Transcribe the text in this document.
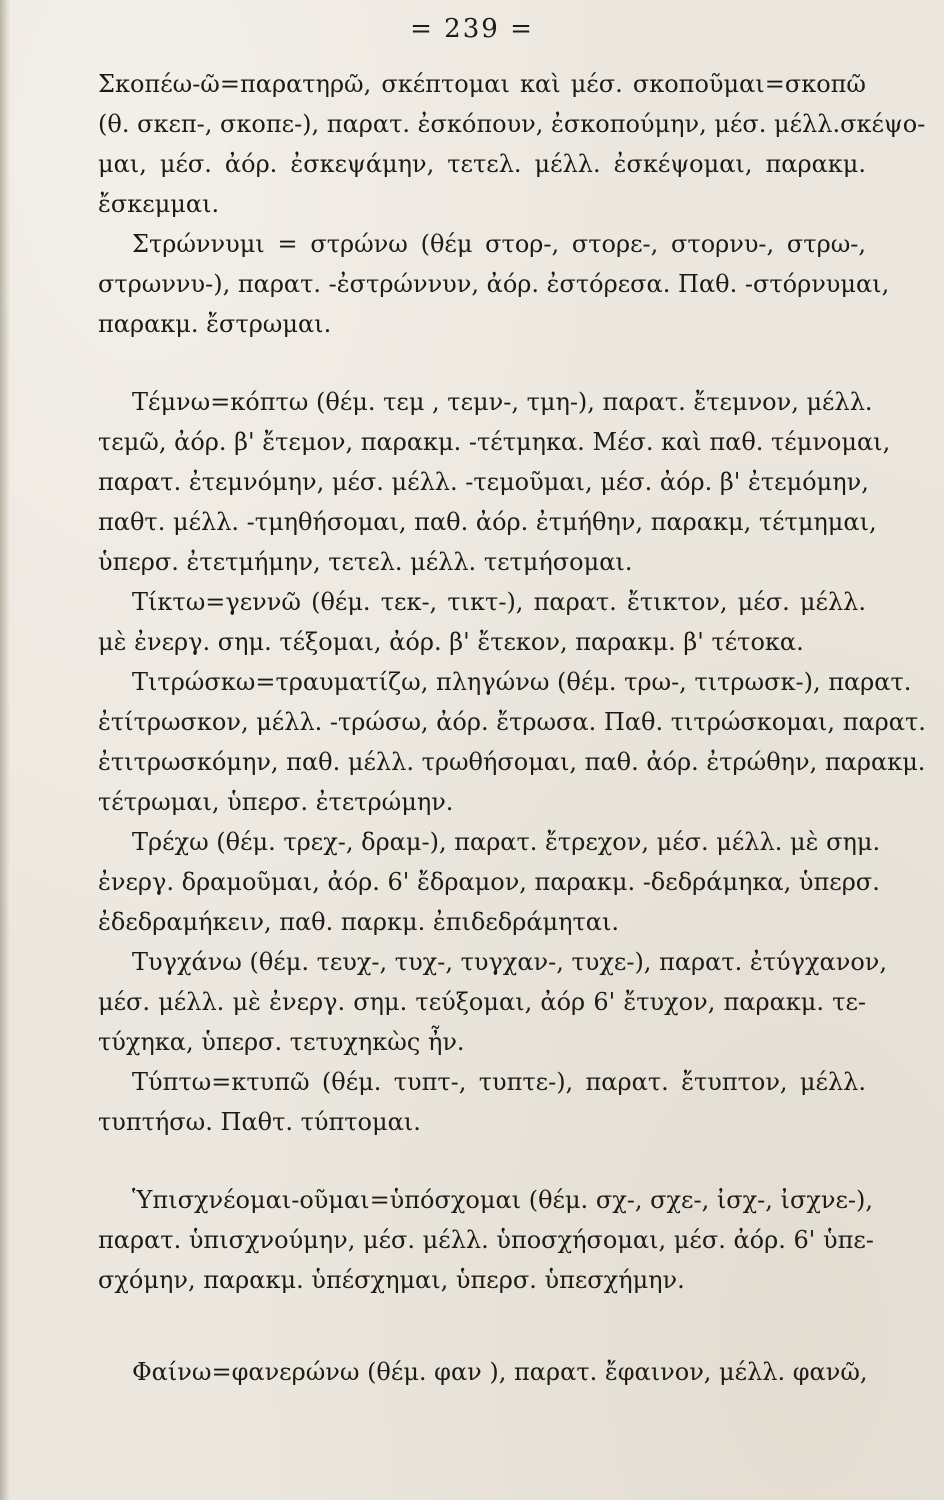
= 239 =
Σκοπέω-ῶ=παρατηρῶ, σκέπτομαι καὶ μέσ. σκοποῦμαι=σκοπῶ
(θ. σκεπ-, σκοπε-), παρατ. ἐσκόπουν, ἐσκοπούμην, μέσ. μέλλ.σκέψο-
μαι, μέσ. ἀόρ. ἐσκεψάμην, τετελ. μέλλ. ἐσκέψομαι, παρακμ.
ἔσκεμμαι.
Στρώννυμι = στρώνω (θέμ στορ-, στορε-, στορνυ-, στρω-,
στρωννυ-), παρατ. -ἐστρώννυν, ἀόρ. ἐστόρεσα. Παθ. -στόρνυμαι,
παρακμ. ἔστρωμαι.
Τέμνω=κόπτω (θέμ. τεμ , τεμν-, τμη-), παρατ. ἔτεμνον, μέλλ.
τεμῶ, ἀόρ. β' ἔτεμον, παρακμ. -τέτμηκα. Μέσ. καὶ παθ. τέμνομαι,
παρατ. ἐτεμνόμην, μέσ. μέλλ. -τεμοῦμαι, μέσ. ἀόρ. β' ἐτεμόμην,
παθτ. μέλλ. -τμηθήσομαι, παθ. ἀόρ. ἐτμήθην, παρακμ, τέτμημαι,
ὑπερσ. ἐτετμήμην, τετελ. μέλλ. τετμήσομαι.
Τίκτω=γεννῶ (θέμ. τεκ-, τικτ-), παρατ. ἔτικτον, μέσ. μέλλ.
μὲ ἐνεργ. σημ. τέξομαι, ἀόρ. β' ἔτεκον, παρακμ. β' τέτοκα.
Τιτρώσκω=τραυματίζω, πληγώνω (θέμ. τρω-, τιτρωσκ-), παρατ.
ἐτίτρωσκον, μέλλ. -τρώσω, ἀόρ. ἔτρωσα. Παθ. τιτρώσκομαι, παρατ.
ἐτιτρωσκόμην, παθ. μέλλ. τρωθήσομαι, παθ. ἀόρ. ἐτρώθην, παρακμ.
τέτρωμαι, ὑπερσ. ἐτετρώμην.
Τρέχω (θέμ. τρεχ-, δραμ-), παρατ. ἔτρεχον, μέσ. μέλλ. μὲ σημ.
ἐνεργ. δραμοῦμαι, ἀόρ. 6' ἔδραμον, παρακμ. -δεδράμηκα, ὑπερσ.
ἐδεδραμήκειν, παθ. παρκμ. ἐπιδεδράμηται.
Τυγχάνω (θέμ. τευχ-, τυχ-, τυγχαν-, τυχε-), παρατ. ἐτύγχανον,
μέσ. μέλλ. μὲ ἐνεργ. σημ. τεύξομαι, ἀόρ 6' ἔτυχον, παρακμ. τε-
τύχηκα, ὑπερσ. τετυχηκὼς ἦν.
Τύπτω=κτυπῶ (θέμ. τυπτ-, τυπτε-), παρατ. ἔτυπτον, μέλλ.
τυπτήσω. Παθτ. τύπτομαι.
Ὑπισχνέομαι-οῦμαι=ὑπόσχομαι (θέμ. σχ-, σχε-, ἰσχ-, ἰσχνε-),
παρατ. ὑπισχνούμην, μέσ. μέλλ. ὑποσχήσομαι, μέσ. ἀόρ. 6' ὑπε-
σχόμην, παρακμ. ὑπέσχημαι, ὑπερσ. ὑπεσχήμην.
Φαίνω=φανερώνω (θέμ. φαν ), παρατ. ἔφαινον, μέλλ. φανῶ,
